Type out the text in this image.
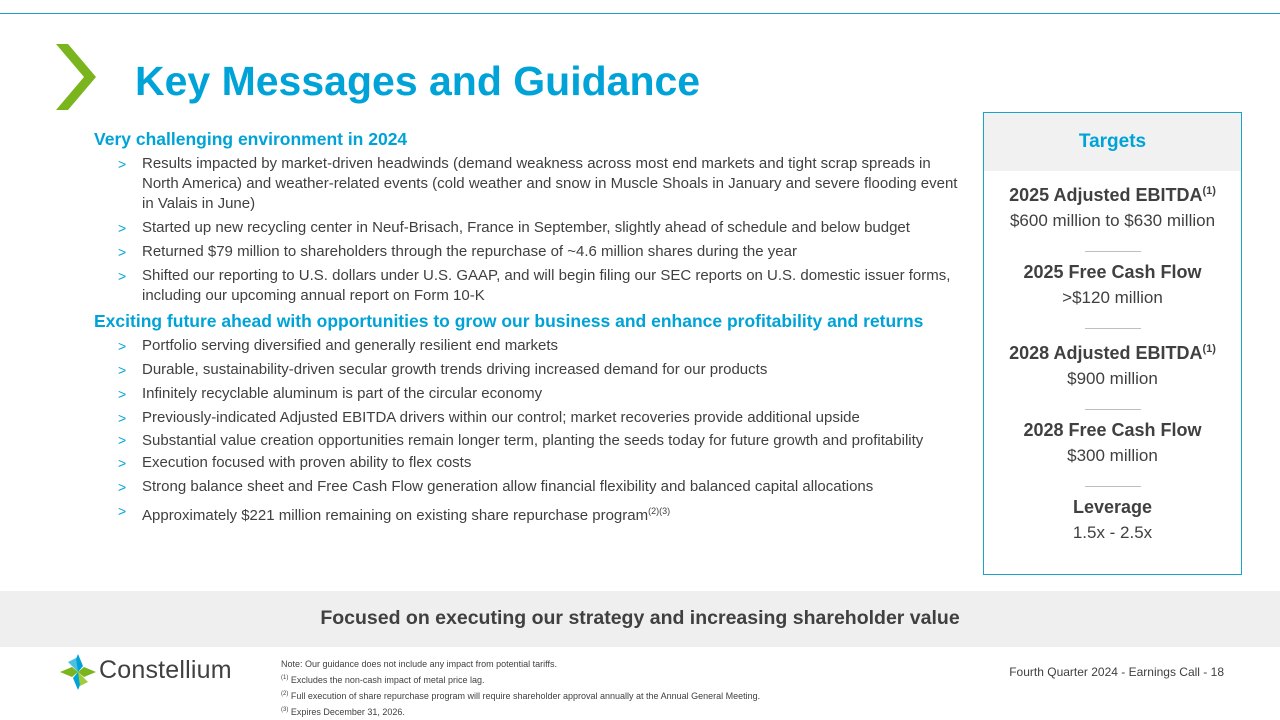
Key Messages and Guidance
Very challenging environment in 2024
> Results impacted by market-driven headwinds (demand weakness across most end markets and tight scrap spreads in North America) and weather-related events (cold weather and snow in Muscle Shoals in January and severe flooding event in Valais in June)
> Started up new recycling center in Neuf-Brisach, France in September, slightly ahead of schedule and below budget
> Returned $79 million to shareholders through the repurchase of ~4.6 million shares during the year
> Shifted our reporting to U.S. dollars under U.S. GAAP, and will begin filing our SEC reports on U.S. domestic issuer forms, including our upcoming annual report on Form 10-K
Exciting future ahead with opportunities to grow our business and enhance profitability and returns
> Portfolio serving diversified and generally resilient end markets
> Durable, sustainability-driven secular growth trends driving increased demand for our products
> Infinitely recyclable aluminum is part of the circular economy
> Previously-indicated Adjusted EBITDA drivers within our control; market recoveries provide additional upside
> Substantial value creation opportunities remain longer term, planting the seeds today for future growth and profitability
> Execution focused with proven ability to flex costs
> Strong balance sheet and Free Cash Flow generation allow financial flexibility and balanced capital allocations
> Approximately $221 million remaining on existing share repurchase program$^{(2)(3)}$
Targets
2025 Adjusted EBITDA$^{(1)}$
$600 million to $630 million
2025 Free Cash Flow
>$120 million
2028 Adjusted EBITDA$^{(1)}$
$900 million
2028 Free Cash Flow
$300 million
Leverage
1.5x - 2.5x
Focused on executing our strategy and increasing shareholder value
Constellium	Note: Our guidance does not include any impact from potential tariffs.
$^{(1)}$ Excludes the non-cash impact of metal price lag.
$^{(2)}$ Full execution of share repurchase program will require shareholder approval annually at the Annual General Meeting.
$^{(3)}$ Expires December 31, 2026.
Fourth Quarter 2024 - Earnings Call - 18
